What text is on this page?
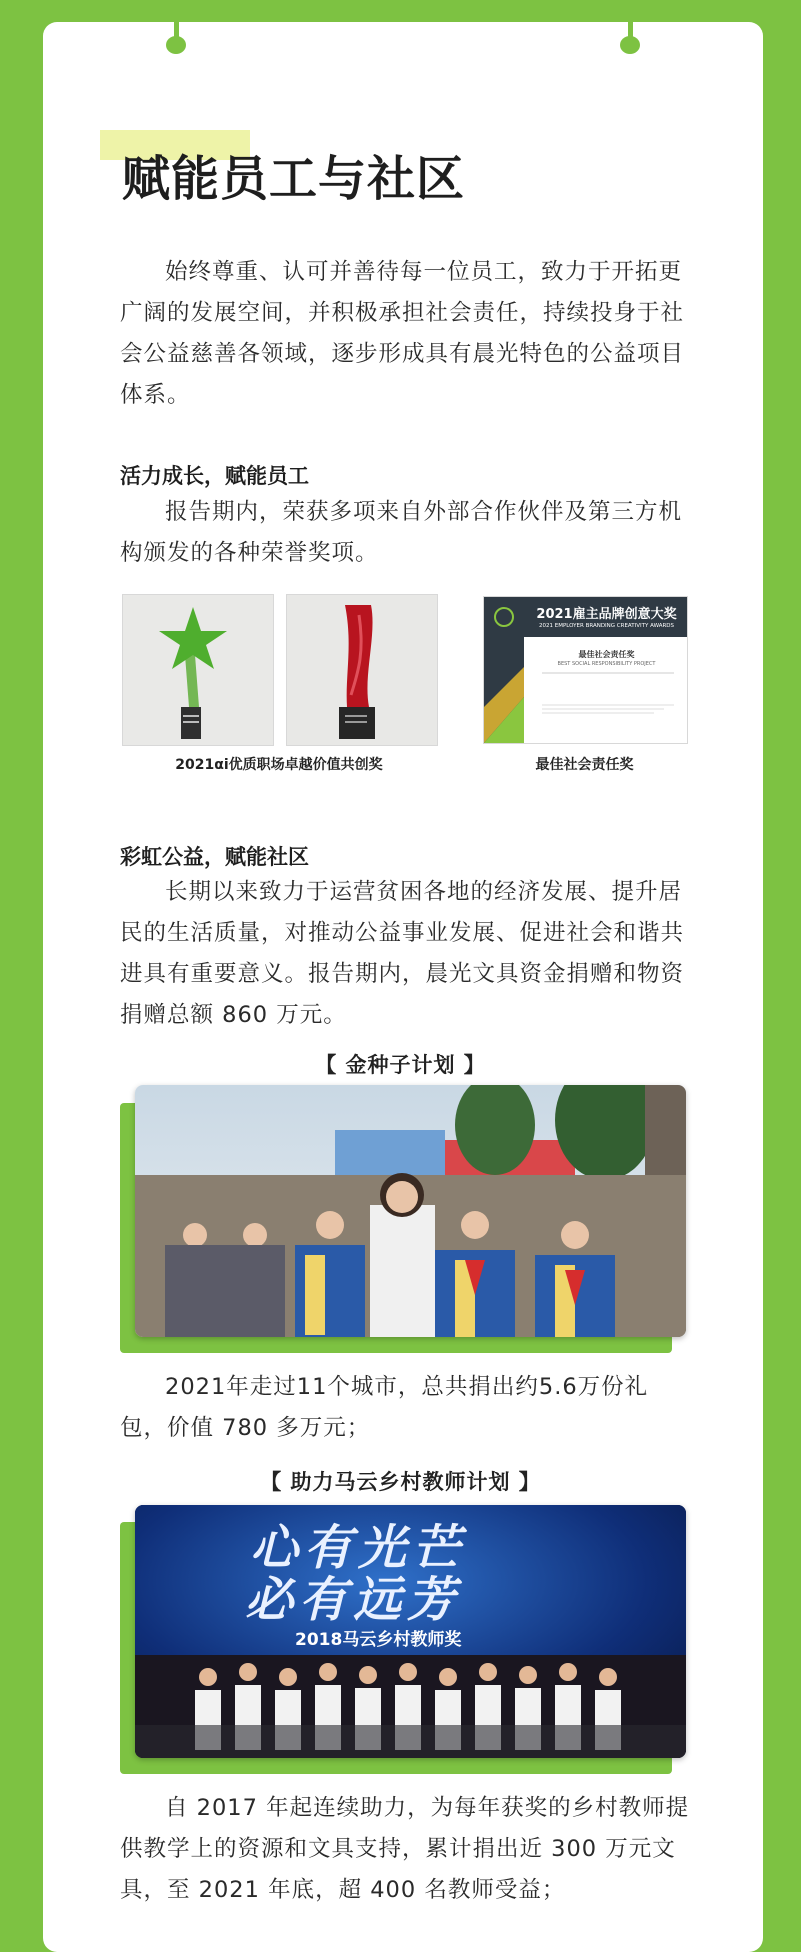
赋能员工与社区

始终尊重、认可并善待每一位员工，致力于开拓更广阔的发展空间，并积极承担社会责任，持续投身于社会公益慈善各领域，逐步形成具有晨光特色的公益项目体系。

活力成长，赋能员工

报告期内，荣获多项来自外部合作伙伴及第三方机构颁发的各种荣誉奖项。

2021雇主品牌创意大奖
2021 EMPLOYER BRANDING CREATIVITY AWARDS
最佳社会责任奖
BEST SOCIAL RESPONSIBILITY PROJECT

2021αi优质职场卓越价值共创奖	最佳社会责任奖

彩虹公益，赋能社区

长期以来致力于运营贫困各地的经济发展、提升居民的生活质量，对推动公益事业发展、促进社会和谐共进具有重要意义。报告期内，晨光文具资金捐赠和物资捐赠总额 860 万元。

【 金种子计划 】

2021年走过11个城市，总共捐出约5.6万份礼包，价值 780 多万元；

【 助力马云乡村教师计划 】
心有光芒
必有远芳
2018马云乡村教师奖

自 2017 年起连续助力，为每年获奖的乡村教师提供教学上的资源和文具支持，累计捐出近 300 万元文具，至 2021 年底，超 400 名教师受益；
